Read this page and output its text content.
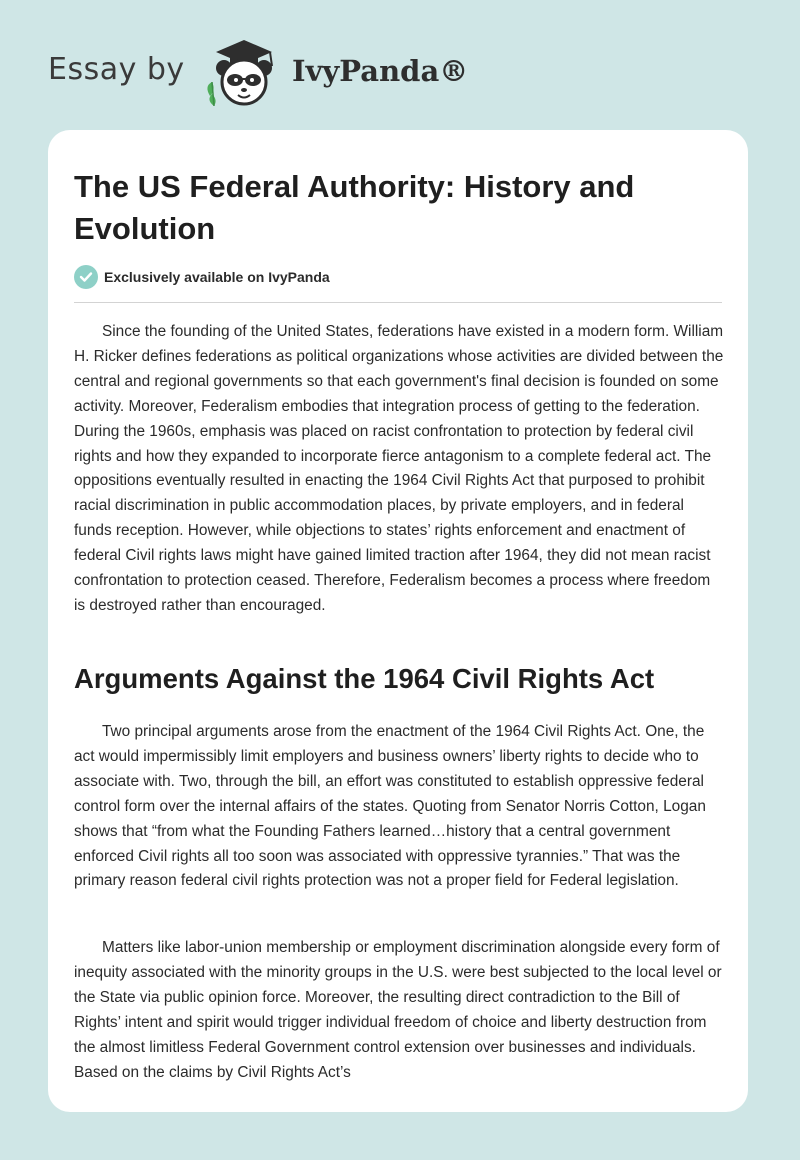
Essay by	IvyPanda®
The US Federal Authority: History and Evolution
Exclusively available on IvyPanda

Since the founding of the United States, federations have existed in a modern form. William H. Ricker defines federations as political organizations whose activities are divided between the central and regional governments so that each government's final decision is founded on some activity. Moreover, Federalism embodies that integration process of getting to the federation. During the 1960s, emphasis was placed on racist confrontation to protection by federal civil rights and how they expanded to incorporate fierce antagonism to a complete federal act. The oppositions eventually resulted in enacting the 1964 Civil Rights Act that purposed to prohibit racial discrimination in public accommodation places, by private employers, and in federal funds reception. However, while objections to states’ rights enforcement and enactment of federal Civil rights laws might have gained limited traction after 1964, they did not mean racist confrontation to protection ceased. Therefore, Federalism becomes a process where freedom is destroyed rather than encouraged.

Arguments Against the 1964 Civil Rights Act

Two principal arguments arose from the enactment of the 1964 Civil Rights Act. One, the act would impermissibly limit employers and business owners’ liberty rights to decide who to associate with. Two, through the bill, an effort was constituted to establish oppressive federal control form over the internal affairs of the states. Quoting from Senator Norris Cotton, Logan shows that “from what the Founding Fathers learned…history that a central government enforced Civil rights all too soon was associated with oppressive tyrannies.” That was the primary reason federal civil rights protection was not a proper field for Federal legislation.

Matters like labor-union membership or employment discrimination alongside every form of inequity associated with the minority groups in the U.S. were best subjected to the local level or the State via public opinion force. Moreover, the resulting direct contradiction to the Bill of Rights’ intent and spirit would trigger individual freedom of choice and liberty destruction from the almost limitless Federal Government control extension over businesses and individuals. Based on the claims by Civil Rights Act’s
